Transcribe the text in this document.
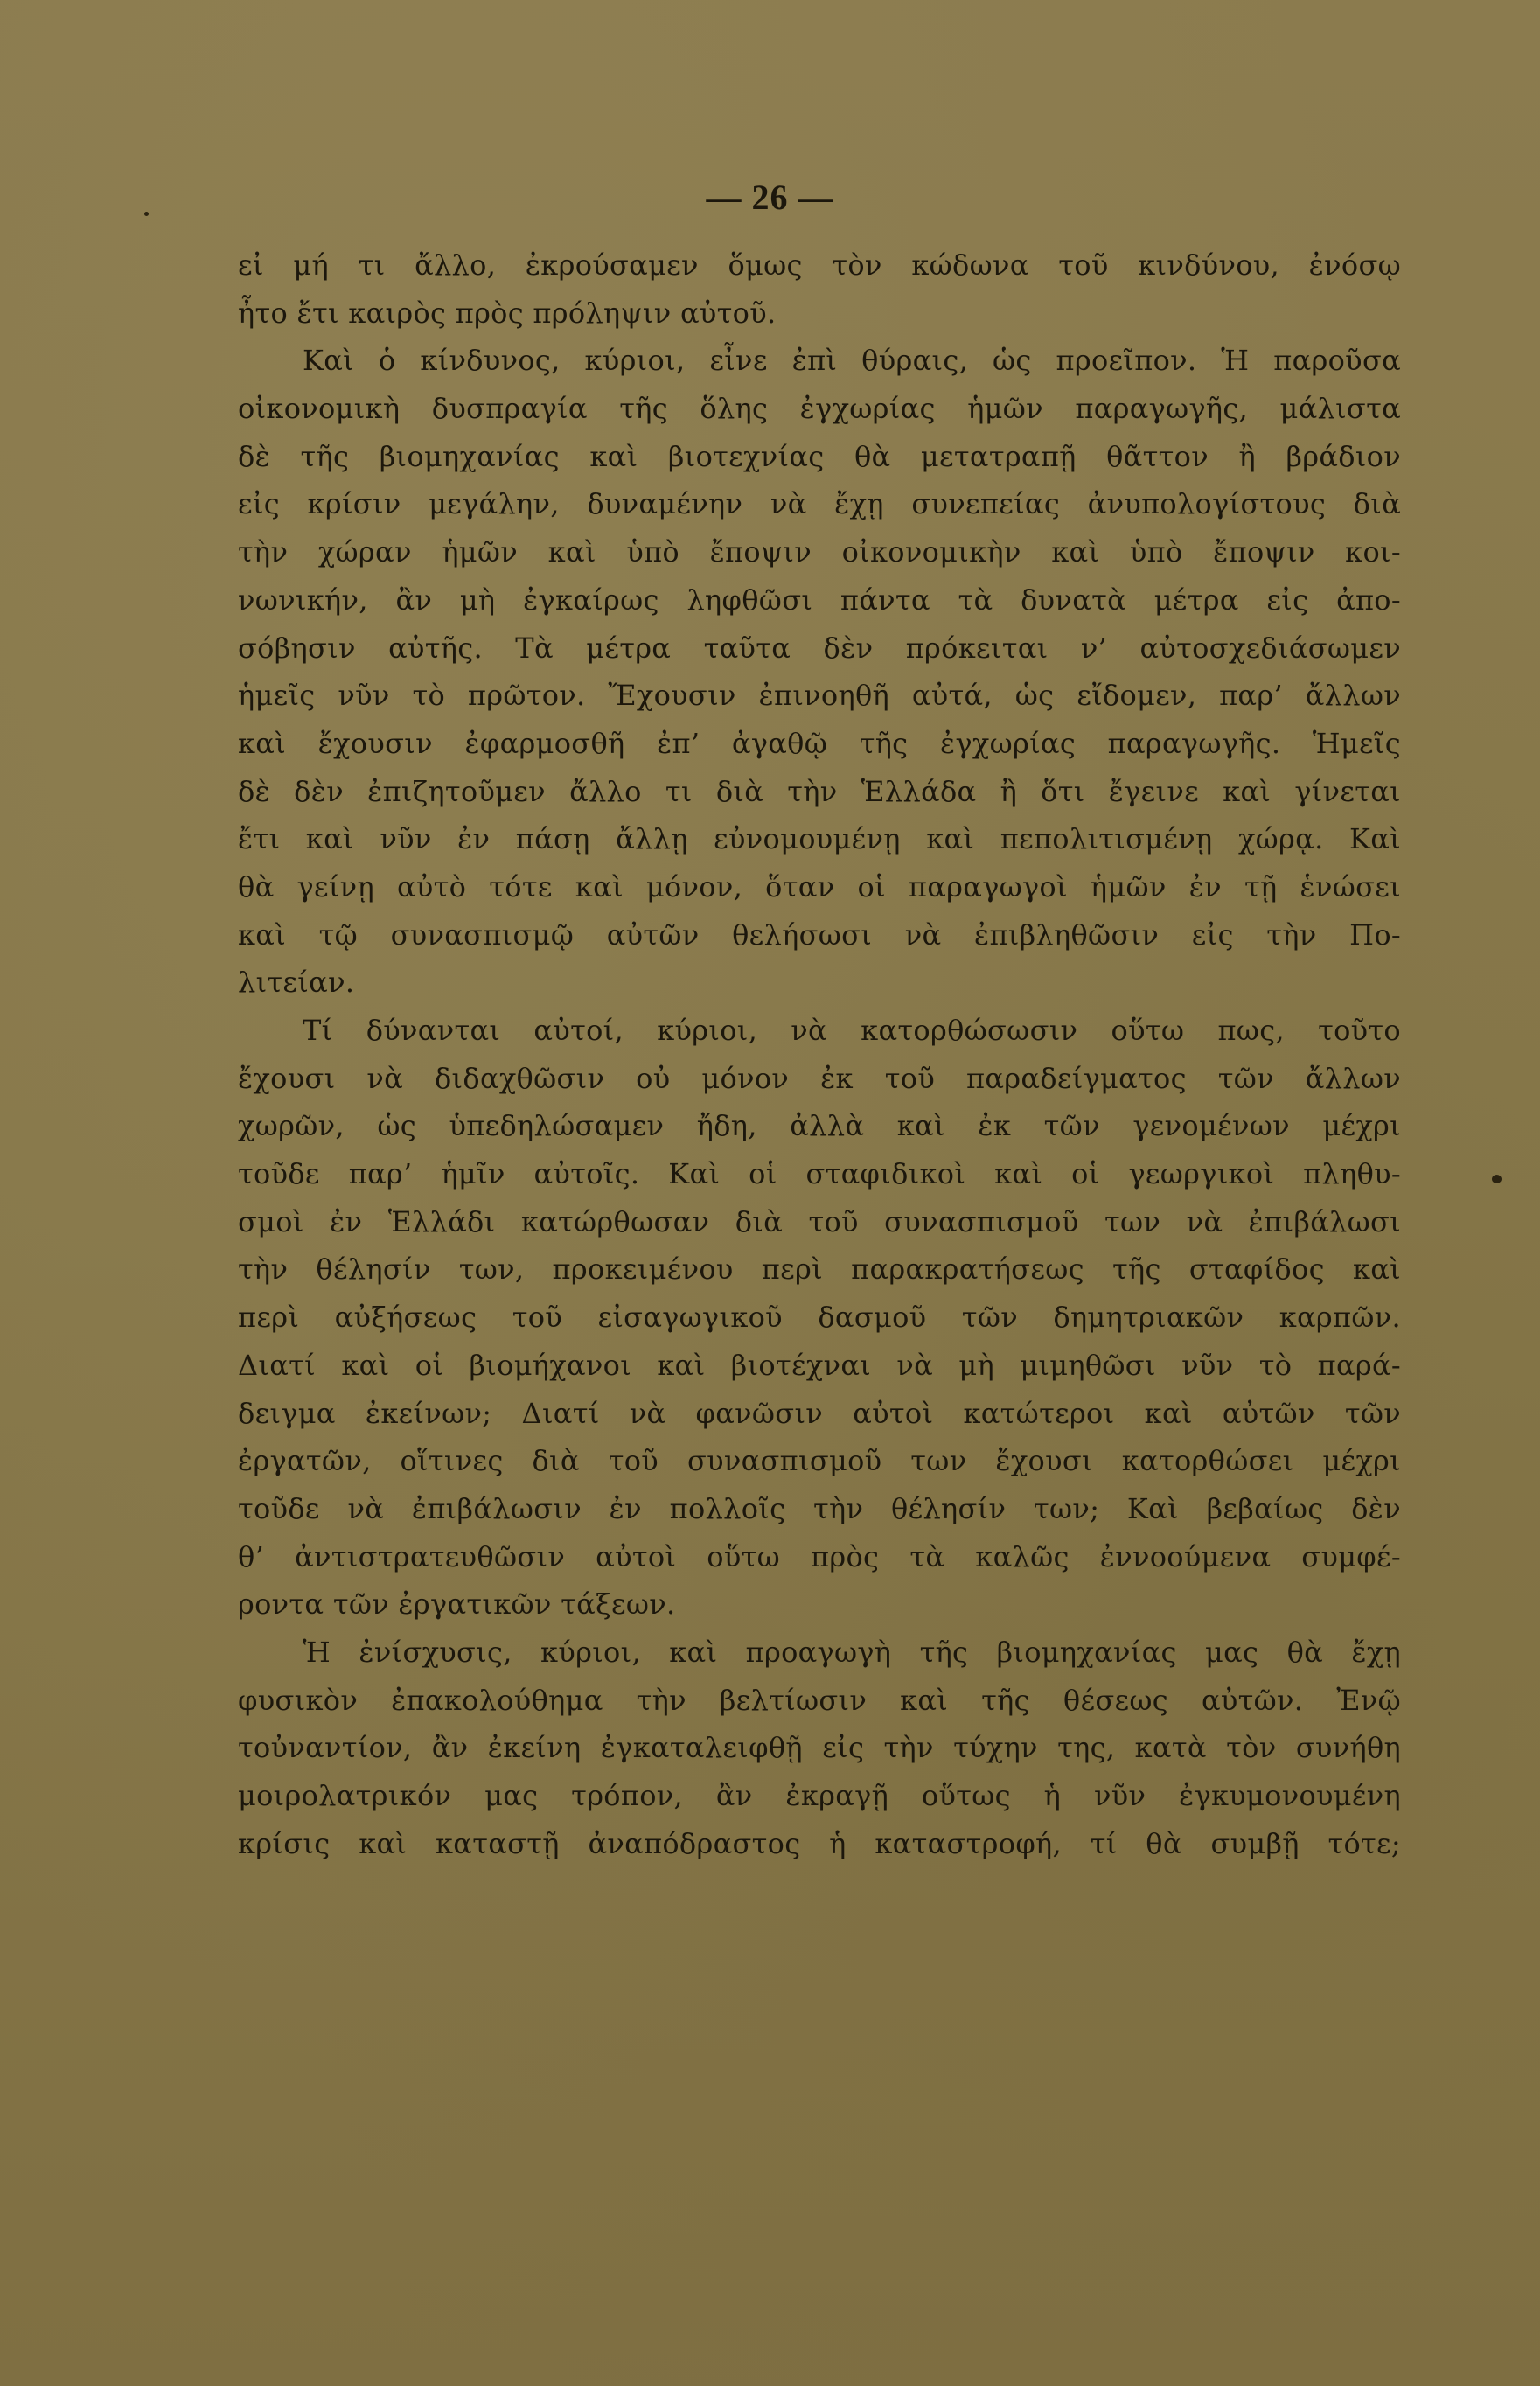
— 26 —
εἰ μή τι ἄλλο, ἐκρούσαμεν ὅμως τὸν κώδωνα τοῦ κινδύνου, ἐνόσῳ
ἦτο ἔτι καιρὸς πρὸς πρόληψιν αὐτοῦ.
Καὶ ὁ κίνδυνος, κύριοι, εἶνε ἐπὶ θύραις, ὡς προεῖπον. Ἡ παροῦσα
οἰκονομικὴ δυσπραγία τῆς ὅλης ἐγχωρίας ἡμῶν παραγωγῆς, μάλιστα
δὲ τῆς βιομηχανίας καὶ βιοτεχνίας θὰ μετατραπῇ θᾶττον ἢ βράδιον
εἰς κρίσιν μεγάλην, δυναμένην νὰ ἔχῃ συνεπείας ἀνυπολογίστους διὰ
τὴν χώραν ἡμῶν καὶ ὑπὸ ἔποψιν οἰκονομικὴν καὶ ὑπὸ ἔποψιν κοι-
νωνικήν, ἂν μὴ ἐγκαίρως ληφθῶσι πάντα τὰ δυνατὰ μέτρα εἰς ἀπο-
σόβησιν αὐτῆς. Τὰ μέτρα ταῦτα δὲν πρόκειται ν’ αὐτοσχεδιάσωμεν
ἡμεῖς νῦν τὸ πρῶτον. Ἔχουσιν ἐπινοηθῆ αὐτά, ὡς εἴδομεν, παρ’ ἄλλων
καὶ ἔχουσιν ἐφαρμοσθῆ ἐπ’ ἀγαθῷ τῆς ἐγχωρίας παραγωγῆς. Ἡμεῖς
δὲ δὲν ἐπιζητοῦμεν ἄλλο τι διὰ τὴν Ἑλλάδα ἢ ὅτι ἔγεινε καὶ γίνεται
ἔτι καὶ νῦν ἐν πάσῃ ἄλλῃ εὐνομουμένῃ καὶ πεπολιτισμένῃ χώρᾳ. Καὶ
θὰ γείνῃ αὐτὸ τότε καὶ μόνον, ὅταν οἱ παραγωγοὶ ἡμῶν ἐν τῇ ἑνώσει
καὶ τῷ συνασπισμῷ αὐτῶν θελήσωσι νὰ ἐπιβληθῶσιν εἰς τὴν Πο-
λιτείαν.
Τί δύνανται αὐτοί, κύριοι, νὰ κατορθώσωσιν οὕτω πως, τοῦτο
ἔχουσι νὰ διδαχθῶσιν οὐ μόνον ἐκ τοῦ παραδείγματος τῶν ἄλλων
χωρῶν, ὡς ὑπεδηλώσαμεν ἤδη, ἀλλὰ καὶ ἐκ τῶν γενομένων μέχρι
τοῦδε παρ’ ἡμῖν αὐτοῖς. Καὶ οἱ σταφιδικοὶ καὶ οἱ γεωργικοὶ πληθυ-
σμοὶ ἐν Ἑλλάδι κατώρθωσαν διὰ τοῦ συνασπισμοῦ των νὰ ἐπιβάλωσι
τὴν θέλησίν των, προκειμένου περὶ παρακρατήσεως τῆς σταφίδος καὶ
περὶ αὐξήσεως τοῦ εἰσαγωγικοῦ δασμοῦ τῶν δημητριακῶν καρπῶν.
Διατί καὶ οἱ βιομήχανοι καὶ βιοτέχναι νὰ μὴ μιμηθῶσι νῦν τὸ παρά-
δειγμα ἐκείνων; Διατί νὰ φανῶσιν αὐτοὶ κατώτεροι καὶ αὐτῶν τῶν
ἐργατῶν, οἵτινες διὰ τοῦ συνασπισμοῦ των ἔχουσι κατορθώσει μέχρι
τοῦδε νὰ ἐπιβάλωσιν ἐν πολλοῖς τὴν θέλησίν των; Καὶ βεβαίως δὲν
θ’ ἀντιστρατευθῶσιν αὐτοὶ οὕτω πρὸς τὰ καλῶς ἐννοούμενα συμφέ-
ροντα τῶν ἐργατικῶν τάξεων.
Ἡ ἐνίσχυσις, κύριοι, καὶ προαγωγὴ τῆς βιομηχανίας μας θὰ ἔχῃ
φυσικὸν ἐπακολούθημα τὴν βελτίωσιν καὶ τῆς θέσεως αὐτῶν. Ἐνῷ
τοὐναντίον, ἂν ἐκείνη ἐγκαταλειφθῇ εἰς τὴν τύχην της, κατὰ τὸν συνήθη
μοιρολατρικόν μας τρόπον, ἂν ἐκραγῇ οὕτως ἡ νῦν ἐγκυμονουμένη
κρίσις καὶ καταστῇ ἀναπόδραστος ἡ καταστροφή, τί θὰ συμβῇ τότε;
